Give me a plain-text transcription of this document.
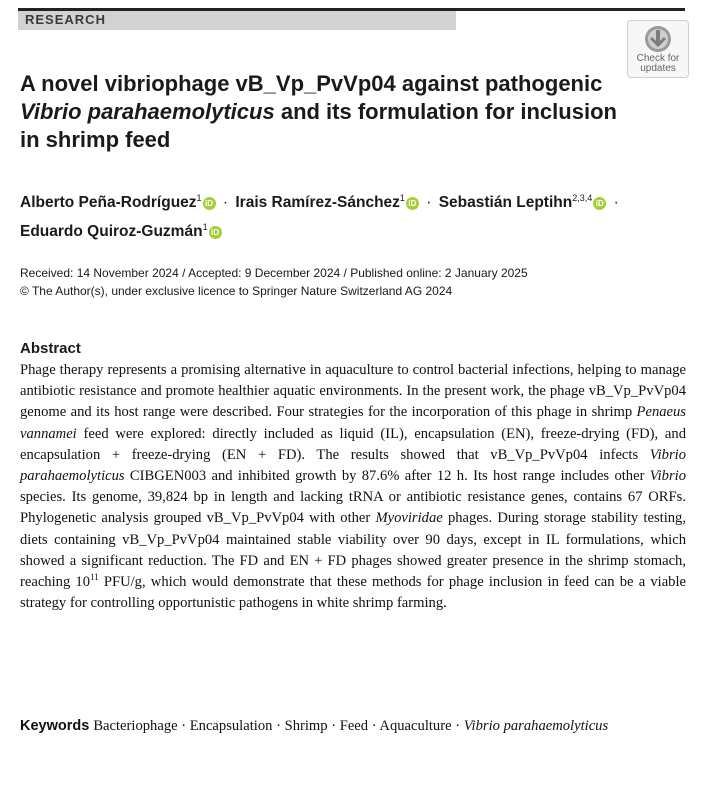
RESEARCH
Check for
updates
A novel vibriophage vB_Vp_PvVp04 against pathogenic Vibrio parahaemolyticus and its formulation for inclusion in shrimp feed
Alberto Peña-Rodríguez$^1$iD · Irais Ramírez-Sánchez$^1$iD · Sebastián Leptihn$^{2,3,4}$iD ·
Eduardo Quiroz-Guzmán$^1$iD
Received: 14 November 2024 / Accepted: 9 December 2024 / Published online: 2 January 2025
© The Author(s), under exclusive licence to Springer Nature Switzerland AG 2024
Abstract

Phage therapy represents a promising alternative in aquaculture to control bacterial infections, helping to manage antibiotic resistance and promote healthier aquatic environments. In the present work, the phage vB_Vp_PvVp04 genome and its host range were described. Four strategies for the incorporation of this phage in shrimp Penaeus vannamei feed were explored: directly included as liquid (IL), encapsulation (EN), freeze-drying (FD), and encapsulation + freeze-drying (EN + FD). The results showed that vB_Vp_PvVp04 infects Vibrio parahaemolyticus CIBGEN003 and inhibited growth by 87.6% after 12 h. Its host range includes other Vibrio species. Its genome, 39,824 bp in length and lacking tRNA or antibiotic resistance genes, contains 67 ORFs. Phylogenetic analysis grouped vB_Vp_PvVp04 with other Myoviridae phages. During storage stability testing, diets containing vB_Vp_PvVp04 maintained stable viability over 90 days, except in IL formulations, which showed a significant reduction. The FD and EN + FD phages showed greater presence in the shrimp stomach, reaching $10^{11}$ PFU/g, which would demonstrate that these methods for phage inclusion in feed can be a viable strategy for controlling opportunistic pathogens in white shrimp farming.

Keywords Bacteriophage · Encapsulation · Shrimp · Feed · Aquaculture · Vibrio parahaemolyticus
